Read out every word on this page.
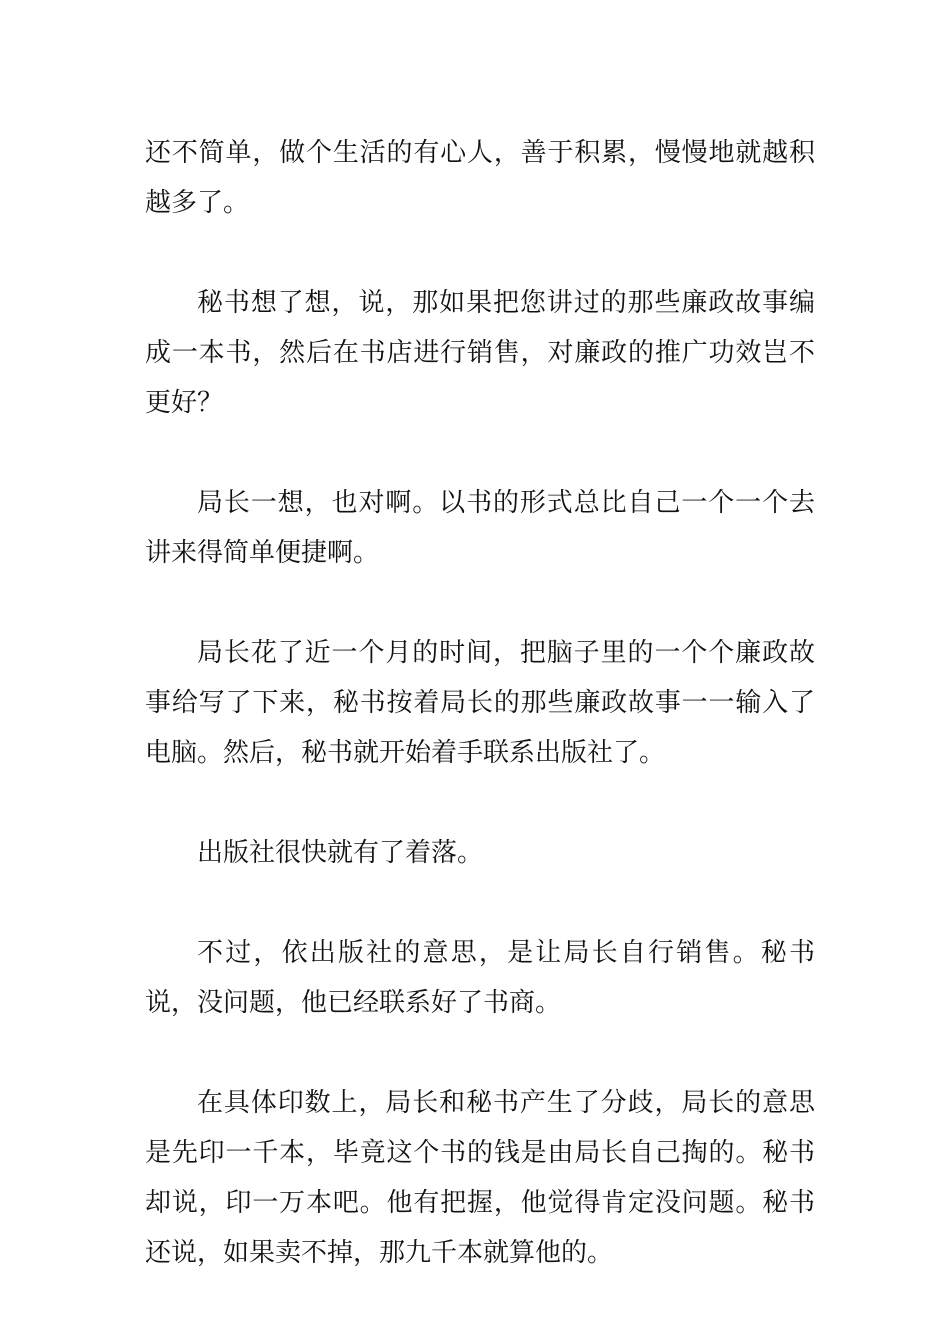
还不简单，做个生活的有心人，善于积累，慢慢地就越积越多了。

秘书想了想，说，那如果把您讲过的那些廉政故事编成一本书，然后在书店进行销售，对廉政的推广功效岂不更好？

局长一想，也对啊。以书的形式总比自己一个一个去讲来得简单便捷啊。

局长花了近一个月的时间，把脑子里的一个个廉政故事给写了下来，秘书按着局长的那些廉政故事一一输入了电脑。然后，秘书就开始着手联系出版社了。

出版社很快就有了着落。

不过，依出版社的意思，是让局长自行销售。秘书说，没问题，他已经联系好了书商。

在具体印数上，局长和秘书产生了分歧，局长的意思是先印一千本，毕竟这个书的钱是由局长自己掏的。秘书却说，印一万本吧。他有把握，他觉得肯定没问题。秘书还说，如果卖不掉，那九千本就算他的。
